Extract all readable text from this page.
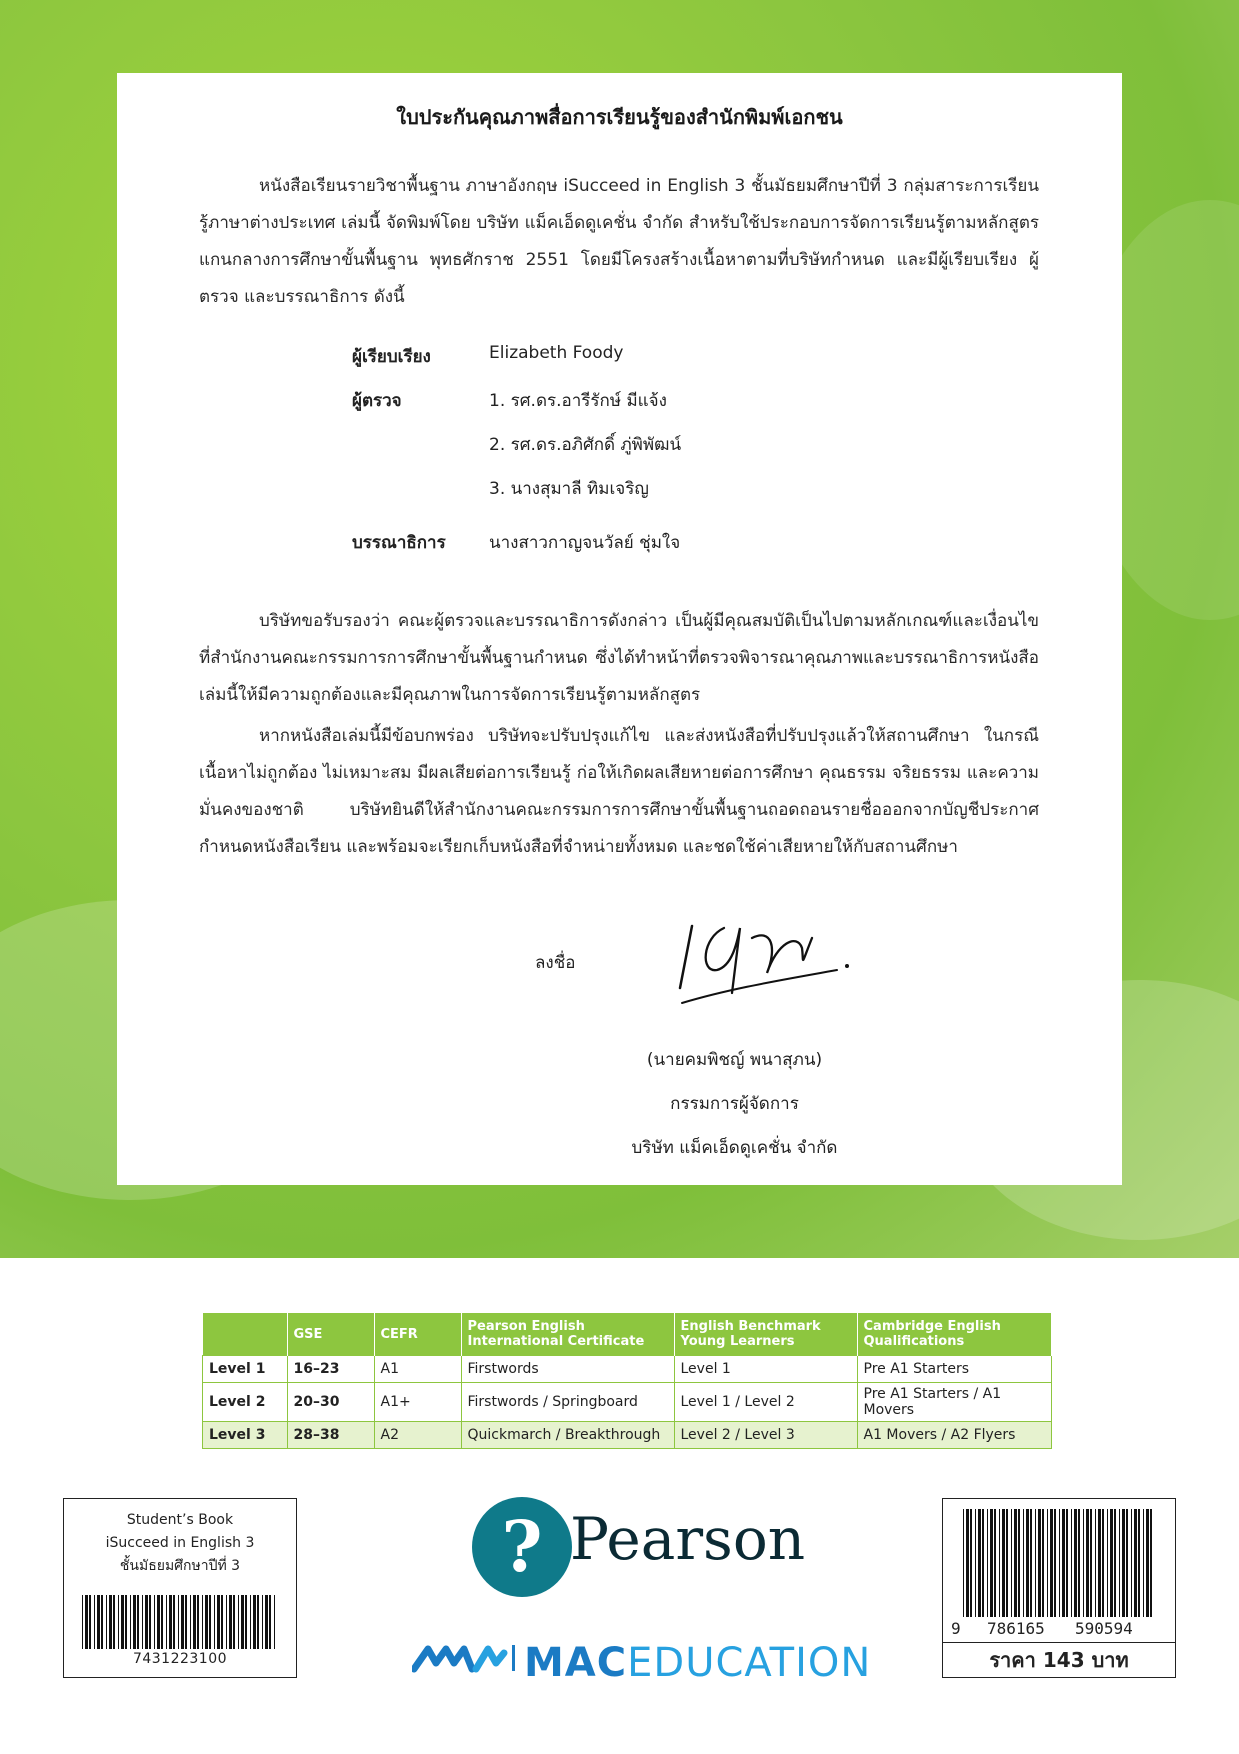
ใบประกันคุณภาพสื่อการเรียนรู้ของสำนักพิมพ์เอกชน
หนังสือเรียนรายวิชาพื้นฐาน ภาษาอังกฤษ iSucceed in English 3 ชั้นมัธยมศึกษาปีที่ 3 กลุ่มสาระการเรียนรู้ภาษาต่างประเทศ เล่มนี้ จัดพิมพ์โดย บริษัท แม็คเอ็ดดูเคชั่น จำกัด สำหรับใช้ประกอบการจัดการเรียนรู้ตามหลักสูตรแกนกลางการศึกษาขั้นพื้นฐาน พุทธศักราช 2551 โดยมีโครงสร้างเนื้อหาตามที่บริษัทกำหนด และมีผู้เรียบเรียง ผู้ตรวจ และบรรณาธิการ ดังนี้
ผู้เรียบเรียง	Elizabeth Foody
ผู้ตรวจ	1. รศ.ดร.อารีรักษ์ มีแจ้ง
2. รศ.ดร.อภิศักดิ์ ภู่พิพัฒน์
3. นางสุมาลี ทิมเจริญ
บรรณาธิการ	นางสาวกาญจนวัลย์ ชุ่มใจ
บริษัทขอรับรองว่า คณะผู้ตรวจและบรรณาธิการดังกล่าว เป็นผู้มีคุณสมบัติเป็นไปตามหลักเกณฑ์และเงื่อนไขที่สำนักงานคณะกรรมการการศึกษาขั้นพื้นฐานกำหนด ซึ่งได้ทำหน้าที่ตรวจพิจารณาคุณภาพและบรรณาธิการหนังสือเล่มนี้ให้มีความถูกต้องและมีคุณภาพในการจัดการเรียนรู้ตามหลักสูตร
หากหนังสือเล่มนี้มีข้อบกพร่อง บริษัทจะปรับปรุงแก้ไข และส่งหนังสือที่ปรับปรุงแล้วให้สถานศึกษา ในกรณีเนื้อหาไม่ถูกต้อง ไม่เหมาะสม มีผลเสียต่อการเรียนรู้ ก่อให้เกิดผลเสียหายต่อการศึกษา คุณธรรม จริยธรรม และความมั่นคงของชาติ บริษัทยินดีให้สำนักงานคณะกรรมการการศึกษาขั้นพื้นฐานถอดถอนรายชื่อออกจากบัญชีประกาศกำหนดหนังสือเรียน และพร้อมจะเรียกเก็บหนังสือที่จำหน่ายทั้งหมด และชดใช้ค่าเสียหายให้กับสถานศึกษา
ลงชื่อ
(นายคมพิชญ์ พนาสุภน)
กรรมการผู้จัดการ
บริษัท แม็คเอ็ดดูเคชั่น จำกัด
	GSE	CEFR	Pearson English International Certificate	English Benchmark Young Learners	Cambridge English Qualifications
Level 1	16–23	A1	Firstwords	Level 1	Pre A1 Starters
Level 2	20–30	A1+	Firstwords / Springboard	Level 1 / Level 2	Pre A1 Starters / A1 Movers
Level 3	28–38	A2	Quickmarch / Breakthrough	Level 2 / Level 3	A1 Movers / A2 Flyers
Student’s Book
iSucceed in English 3
ชั้นมัธยมศึกษาปีที่ 3
7431223100
? Pearson
MACEDUCATION
9 786165 590594
ราคา 143 บาท
